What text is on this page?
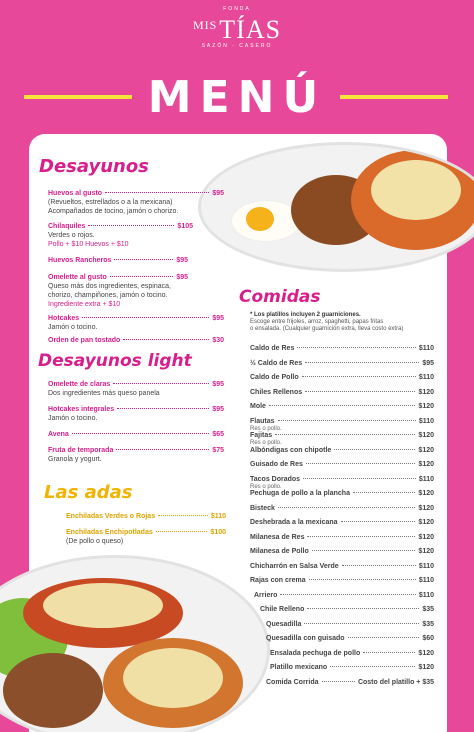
FONDA
$^{MIS}$TÍAS
SAZÓN · CASERO
MENÚ
Desayunos
Huevos al gusto	$95
(Revueltos, estrellados o a la mexicana)
Acompañados de tocino, jamón o chorizo.
Chilaquiles	$105
Verdes o rojos.
Pollo + $10 Huevos + $10
Huevos Rancheros	$95
Omelette al gusto	$95
Queso más dos ingredientes, espinaca,
chorizo, champiñones, jamón o tocino.
Ingrediente extra + $10
Hotcakes	$95
Jamón o tocino.
Orden de pan tostado	$30
Desayunos light
Omelette de claras	$95
Dos ingredientes más queso panela
Hotcakes integrales	$95
Jamón o tocino.
Avena	$65
Fruta de temporada	$75
Granola y yogurt.
Las adas
Enchiladas Verdes o Rojas	$110
Enchiladas Enchipotladas	$100
(De pollo o queso)
Comidas
* Los platillos incluyen 2 guarniciones.
Escoge entre frijoles, arroz, spaghetti, papas fritas
o ensalada. (Cualquier guarnición extra, lleva costo extra)
Caldo de Res	$110
½ Caldo de Res	$95
Caldo de Pollo	$110
Chiles Rellenos	$120
Mole	$120
Flautas	$110
Res o pollo.
Fajitas	$120
Res o pollo.
Albóndigas con chipotle	$120
Guisado de Res	$120
Tacos Dorados	$110
Res o pollo.
Pechuga de pollo a la plancha	$120
Bisteck	$120
Deshebrada a la mexicana	$120
Milanesa de Res	$120
Milanesa de Pollo	$120
Chicharrón en Salsa Verde	$110
Rajas con crema	$110
Arriero	$110
Chile Relleno	$35
Quesadilla	$35
Quesadilla con guisado	$60
Ensalada pechuga de pollo	$120
Platillo mexicano	$120
Comida Corrida	Costo del platillo + $35
